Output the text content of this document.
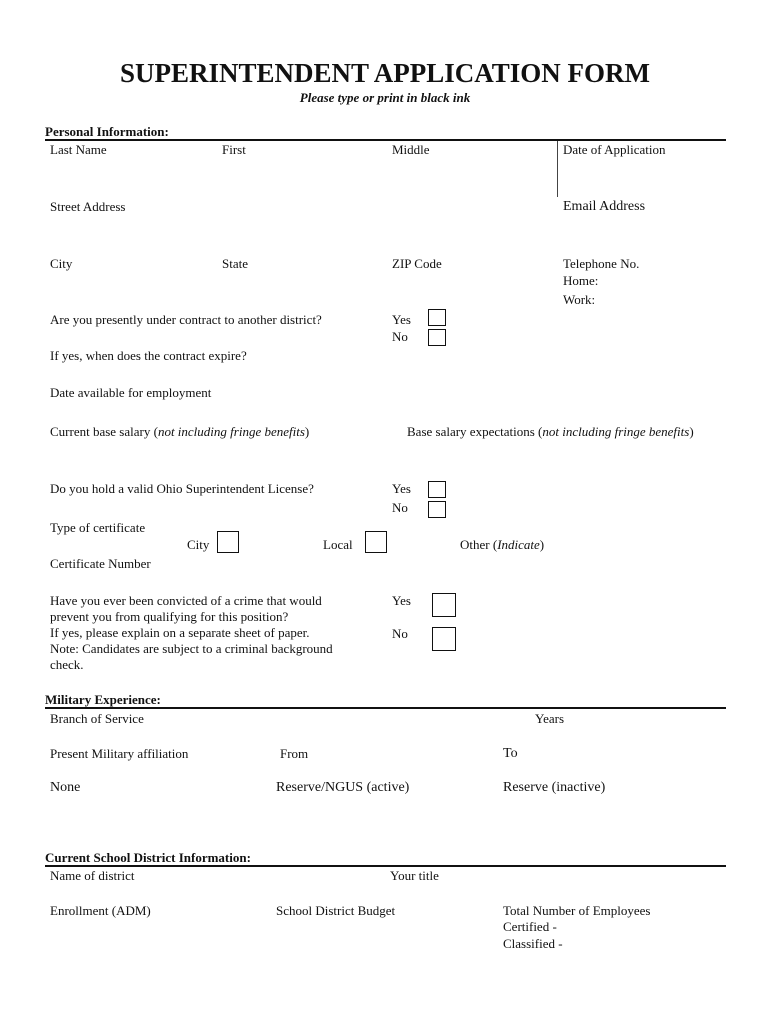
SUPERINTENDENT APPLICATION FORM
Please type or print in black ink
Personal Information:
Last Name	First	Middle	Date of Application
Street Address	Email Address
City	State	ZIP Code	Telephone No.
Home:
Work:
Are you presently under contract to another district?	Yes
No
If yes, when does the contract expire?
Date available for employment
Current base salary (not including fringe benefits)	Base salary expectations (not including fringe benefits)
Do you hold a valid Ohio Superintendent License?	Yes
No
Type of certificate
City	Local	Other (Indicate)
Certificate Number
Have you ever been convicted of a crime that would
prevent you from qualifying for this position?
If yes, please explain on a separate sheet of paper.
Note: Candidates are subject to a criminal background
check.
Yes
No
Military Experience:
Branch of Service	Years
Present Military affiliation	From	To
None	Reserve/NGUS (active)	Reserve (inactive)
Current School District Information:
Name of district	Your title
Enrollment (ADM)	School District Budget	Total Number of Employees
Certified -
Classified -
